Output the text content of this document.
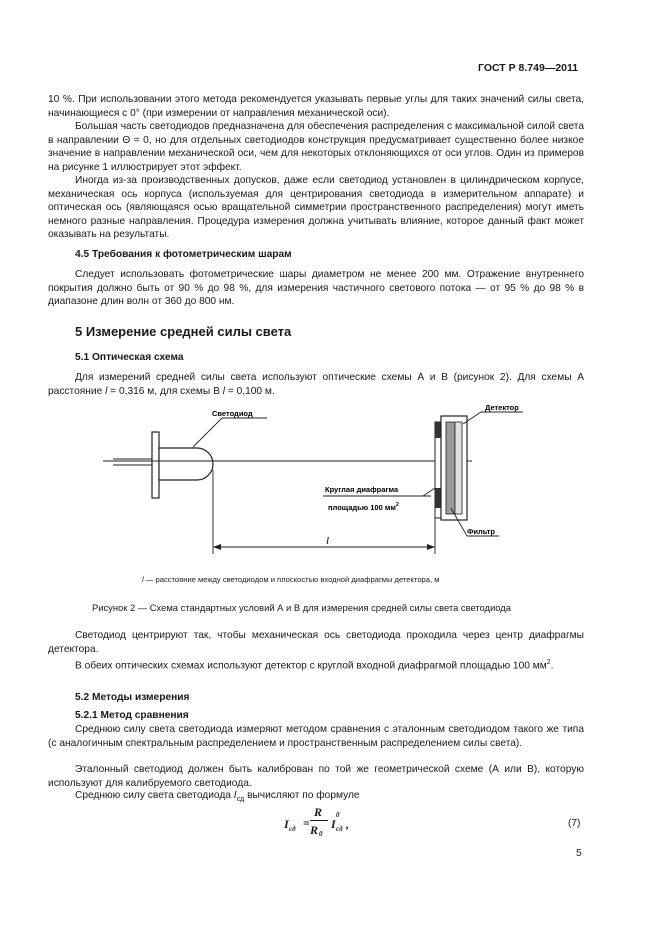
ГОСТ Р 8.749—2011

10 %. При использовании этого метода рекомендуется указывать первые углы для таких значений силы света, начинающиеся с 0° (при измерении от направления механической оси).

Большая часть светодиодов предназначена для обеспечения распределения с максимальной силой света в направлении Θ = 0, но для отдельных светодиодов конструкция предусматривает существенно более низкое значение в направлении механической оси, чем для некоторых отклоняющихся от оси углов. Один из примеров на рисунке 1 иллюстрирует этот эффект.

Иногда из-за производственных допусков, даже если светодиод установлен в цилиндрическом корпусе, механическая ось корпуса (используемая для центрирования светодиода в измерительном аппарате) и оптическая ось (являющаяся осью вращательной симметрии пространственного распределения) могут иметь немного разные направления. Процедура измерения должна учитывать влияние, которое данный факт может оказывать на результаты.

4.5 Требования к фотометрическим шарам

Следует использовать фотометрические шары диаметром не менее 200 мм. Отражение внутреннего покрытия должно быть от 90 % до 98 %, для измерения частичного светового потока — от 95 % до 98 % в диапазоне длин волн от 360 до 800 нм.

5 Измерение средней силы света
5.1 Оптическая схема

Для измерений средней силы света используют оптические схемы А и В (рисунок 2). Для схемы А расстояние l = 0,316 м, для схемы В l = 0,100 м.

Светодиод
Детектор
Круглая диафрагма
площадью 100 $мм^2$
Фильтр
l
l — расстояние между светодиодом и плоскостью входной диафрагмы детектора, м
Рисунок 2 — Схема стандартных условий А и В для измерения средней силы света светодиода

Светодиод центрируют так, чтобы механическая ось светодиода проходила через центр диафрагмы детектора.

В обеих оптических схемах используют детектор с круглой входной диафрагмой площадью 100 $мм^2$.

5.2 Методы измерения
5.2.1 Метод сравнения

Среднюю силу света светодиода измеряют методом сравнения с эталонным светодиодом такого же типа (с аналогичным спектральным распределением и пространственным распределением силы света).

Эталонный светодиод должен быть калиброван по той же геометрической схеме (А или В), которую используют для калибруемого светодиода.

Среднюю силу света светодиода $I_{сд}$ вычисляют по формуле

I сд =
R
R 0
I
0
сд ,	(7)
5
